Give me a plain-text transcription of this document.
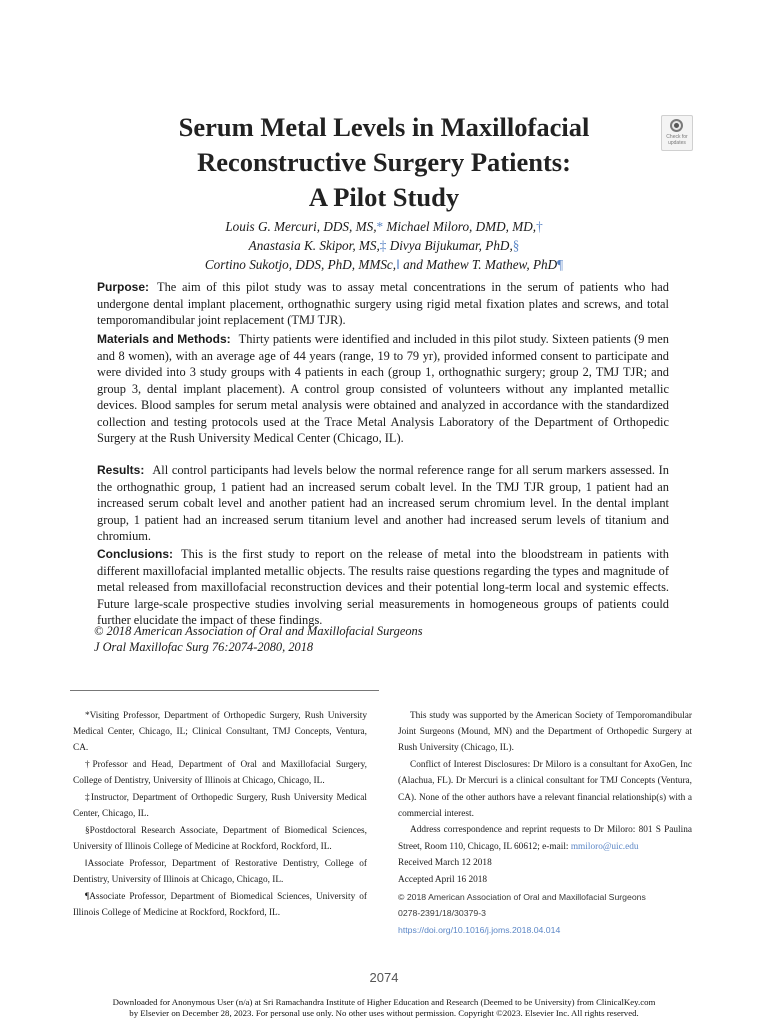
Serum Metal Levels in Maxillofacial
Reconstructive Surgery Patients:
A Pilot Study
Check for
updates
Louis G. Mercuri, DDS, MS,* Michael Miloro, DMD, MD,†
Anastasia K. Skipor, MS,‡ Divya Bijukumar, PhD,§
Cortino Sukotjo, DDS, PhD, MMSc,‖ and Mathew T. Mathew, PhD¶
Purpose: The aim of this pilot study was to assay metal concentrations in the serum of patients who had undergone dental implant placement, orthognathic surgery using rigid metal fixation plates and screws, and total temporomandibular joint replacement (TMJ TJR).
Materials and Methods: Thirty patients were identified and included in this pilot study. Sixteen patients (9 men and 8 women), with an average age of 44 years (range, 19 to 79 yr), provided informed consent to participate and were divided into 3 study groups with 4 patients in each (group 1, orthognathic surgery; group 2, TMJ TJR; and group 3, dental implant placement). A control group consisted of volunteers without any implanted metallic devices. Blood samples for serum metal analysis were obtained and analyzed in accordance with the standardized collection and testing protocols used at the Trace Metal Analysis Laboratory of the Department of Orthopedic Surgery at the Rush University Medical Center (Chicago, IL).
Results: All control participants had levels below the normal reference range for all serum markers assessed. In the orthognathic group, 1 patient had an increased serum cobalt level. In the TMJ TJR group, 1 patient had an increased serum cobalt level and another patient had an increased serum chromium level. In the dental implant group, 1 patient had an increased serum titanium level and another had increased serum levels of titanium and chromium.
Conclusions: This is the first study to report on the release of metal into the bloodstream in patients with different maxillofacial implanted metallic objects. The results raise questions regarding the types and magnitude of metal released from maxillofacial reconstruction devices and their potential long-term local and systemic effects. Future large-scale prospective studies involving serial measurements in homogeneous groups of patients could further elucidate the impact of these findings.
© 2018 American Association of Oral and Maxillofacial Surgeons
J Oral Maxillofac Surg 76:2074-2080, 2018

*Visiting Professor, Department of Orthopedic Surgery, Rush University Medical Center, Chicago, IL; Clinical Consultant, TMJ Concepts, Ventura, CA.

†Professor and Head, Department of Oral and Maxillofacial Surgery, College of Dentistry, University of Illinois at Chicago, Chicago, IL.

‡Instructor, Department of Orthopedic Surgery, Rush University Medical Center, Chicago, IL.

§Postdoctoral Research Associate, Department of Biomedical Sciences, University of Illinois College of Medicine at Rockford, Rockford, IL.

‖Associate Professor, Department of Restorative Dentistry, College of Dentistry, University of Illinois at Chicago, Chicago, IL.

¶Associate Professor, Department of Biomedical Sciences, University of Illinois College of Medicine at Rockford, Rockford, IL.

This study was supported by the American Society of Temporomandibular Joint Surgeons (Mound, MN) and the Department of Orthopedic Surgery at Rush University (Chicago, IL).

Conflict of Interest Disclosures: Dr Miloro is a consultant for AxoGen, Inc (Alachua, FL). Dr Mercuri is a clinical consultant for TMJ Concepts (Ventura, CA). None of the other authors have a relevant financial relationship(s) with a commercial interest.

Address correspondence and reprint requests to Dr Miloro: 801 S Paulina Street, Room 110, Chicago, IL 60612; e-mail: mmiloro@uic.edu

Received March 12 2018

Accepted April 16 2018

© 2018 American Association of Oral and Maxillofacial Surgeons

0278-2391/18/30379-3

https://doi.org/10.1016/j.joms.2018.04.014

2074
Downloaded for Anonymous User (n/a) at Sri Ramachandra Institute of Higher Education and Research (Deemed to be University) from ClinicalKey.com
by Elsevier on December 28, 2023. For personal use only. No other uses without permission. Copyright ©2023. Elsevier Inc. All rights reserved.
